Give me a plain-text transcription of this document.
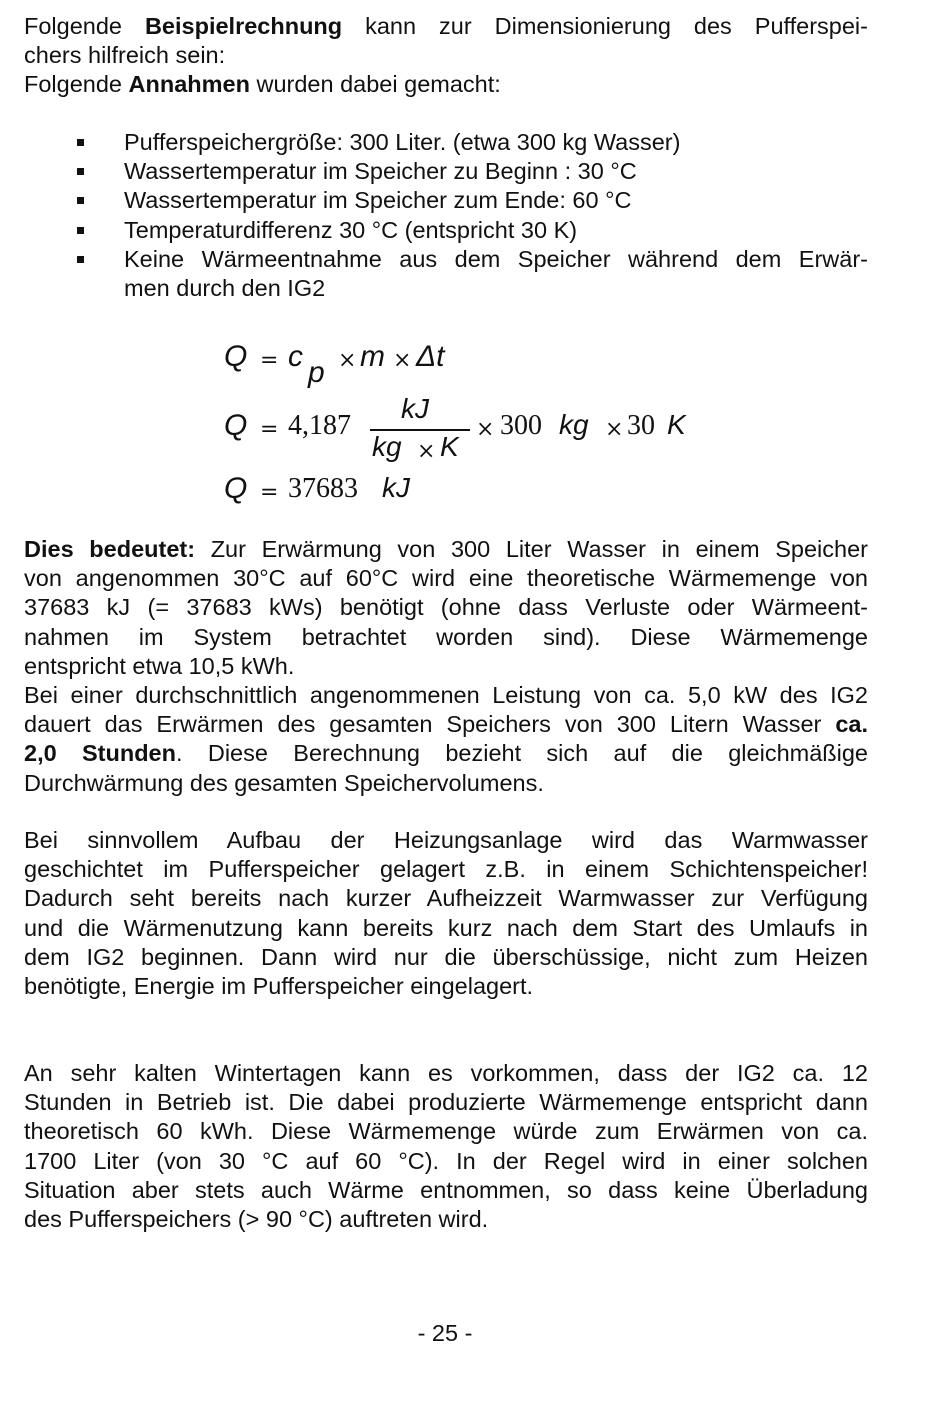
Folgende Beispielrechnung kann zur Dimensionierung des Pufferspei-
chers hilfreich sein:
Folgende Annahmen wurden dabei gemacht:
Pufferspeichergröße: 300 Liter. (etwa 300 kg Wasser)
Wassertemperatur im Speicher zu Beginn : 30 °C
Wassertemperatur im Speicher zum Ende: 60 °C
Temperaturdifferenz 30 °C (entspricht 30 K)
Keine Wärmeentnahme aus dem Speicher während dem Erwär-
men durch den IG2
Q = c p × m × Δt
Q = 4,187
kJ
kg × K
× 300 kg × 30 K
Q = 37683 kJ
Dies bedeutet: Zur Erwärmung von 300 Liter Wasser in einem Speicher
von angenommen 30°C auf 60°C wird eine theoretische Wärmemenge von
37683 kJ (= 37683 kWs) benötigt (ohne dass Verluste oder Wärmeent-
nahmen im System betrachtet worden sind). Diese Wärmemenge
entspricht etwa 10,5 kWh.
Bei einer durchschnittlich angenommenen Leistung von ca. 5,0 kW des IG2
dauert das Erwärmen des gesamten Speichers von 300 Litern Wasser ca.
2,0 Stunden. Diese Berechnung bezieht sich auf die gleichmäßige
Durchwärmung des gesamten Speichervolumens.
Bei sinnvollem Aufbau der Heizungsanlage wird das Warmwasser
geschichtet im Pufferspeicher gelagert z.B. in einem Schichtenspeicher!
Dadurch seht bereits nach kurzer Aufheizzeit Warmwasser zur Verfügung
und die Wärmenutzung kann bereits kurz nach dem Start des Umlaufs in
dem IG2 beginnen. Dann wird nur die überschüssige, nicht zum Heizen
benötigte, Energie im Pufferspeicher eingelagert.
An sehr kalten Wintertagen kann es vorkommen, dass der IG2 ca. 12
Stunden in Betrieb ist. Die dabei produzierte Wärmemenge entspricht dann
theoretisch 60 kWh. Diese Wärmemenge würde zum Erwärmen von ca.
1700 Liter (von 30 °C auf 60 °C). In der Regel wird in einer solchen
Situation aber stets auch Wärme entnommen, so dass keine Überladung
des Pufferspeichers (> 90 °C) auftreten wird.
- 25 -
